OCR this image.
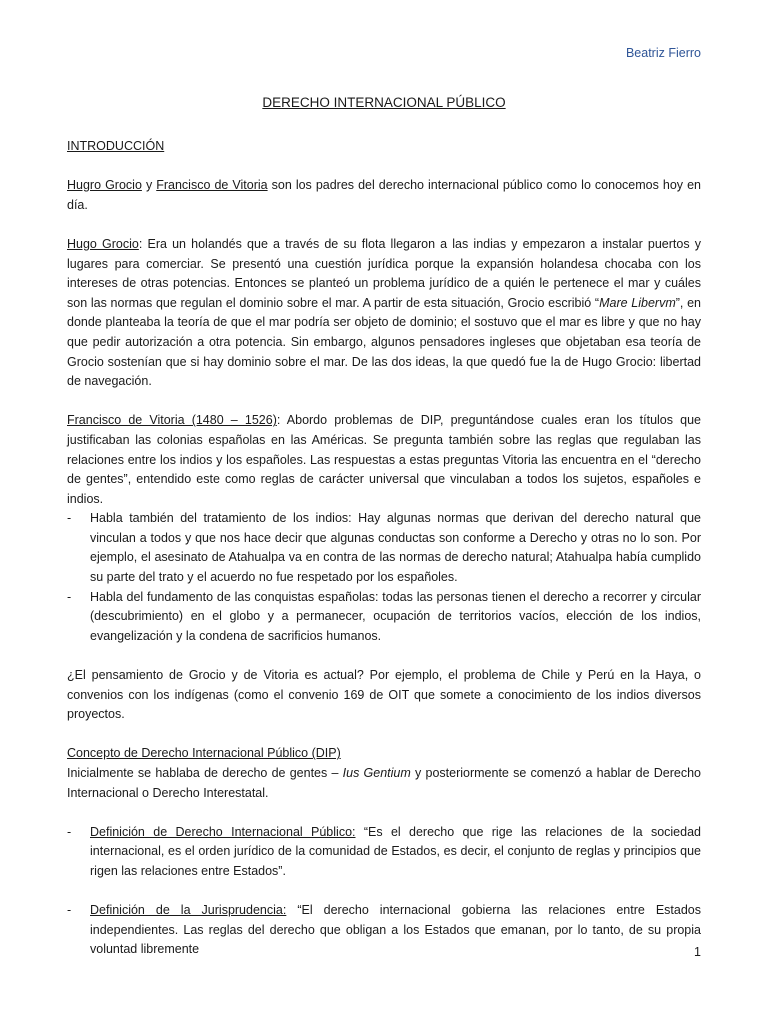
Beatriz Fierro
DERECHO INTERNACIONAL PÚBLICO

INTRODUCCIÓN

Hugro Grocio y Francisco de Vitoria son los padres del derecho internacional público como lo conocemos hoy en día.

Hugo Grocio: Era un holandés que a través de su flota llegaron a las indias y empezaron a instalar puertos y lugares para comerciar. Se presentó una cuestión jurídica porque la expansión holandesa chocaba con los intereses de otras potencias. Entonces se planteó un problema jurídico de a quién le pertenece el mar y cuáles son las normas que regulan el dominio sobre el mar. A partir de esta situación, Grocio escribió “Mare Libervm”, en donde planteaba la teoría de que el mar podría ser objeto de dominio; el sostuvo que el mar es libre y que no hay que pedir autorización a otra potencia. Sin embargo, algunos pensadores ingleses que objetaban esa teoría de Grocio sostenían que si hay dominio sobre el mar. De las dos ideas, la que quedó fue la de Hugo Grocio: libertad de navegación.

Francisco de Vitoria (1480 – 1526): Abordo problemas de DIP, preguntándose cuales eran los títulos que justificaban las colonias españolas en las Américas. Se pregunta también sobre las reglas que regulaban las relaciones entre los indios y los españoles. Las respuestas a estas preguntas Vitoria las encuentra en el “derecho de gentes”, entendido este como reglas de carácter universal que vinculaban a todos los sujetos, españoles e indios.

- Habla también del tratamiento de los indios: Hay algunas normas que derivan del derecho natural que vinculan a todos y que nos hace decir que algunas conductas son conforme a Derecho y otras no lo son. Por ejemplo, el asesinato de Atahualpa va en contra de las normas de derecho natural; Atahualpa había cumplido su parte del trato y el acuerdo no fue respetado por los españoles.
- Habla del fundamento de las conquistas españolas: todas las personas tienen el derecho a recorrer y circular (descubrimiento) en el globo y a permanecer, ocupación de territorios vacíos, elección de los indios, evangelización y la condena de sacrificios humanos.

¿El pensamiento de Grocio y de Vitoria es actual? Por ejemplo, el problema de Chile y Perú en la Haya, o convenios con los indígenas (como el convenio 169 de OIT que somete a conocimiento de los indios diversos proyectos.

Concepto de Derecho Internacional Público (DIP)

Inicialmente se hablaba de derecho de gentes – Ius Gentium y posteriormente se comenzó a hablar de Derecho Internacional o Derecho Interestatal.

- Definición de Derecho Internacional Público: “Es el derecho que rige las relaciones de la sociedad internacional, es el orden jurídico de la comunidad de Estados, es decir, el conjunto de reglas y principios que rigen las relaciones entre Estados”.
- Definición de la Jurisprudencia: “El derecho internacional gobierna las relaciones entre Estados independientes. Las reglas del derecho que obligan a los Estados que emanan, por lo tanto, de su propia voluntad libremente	1
